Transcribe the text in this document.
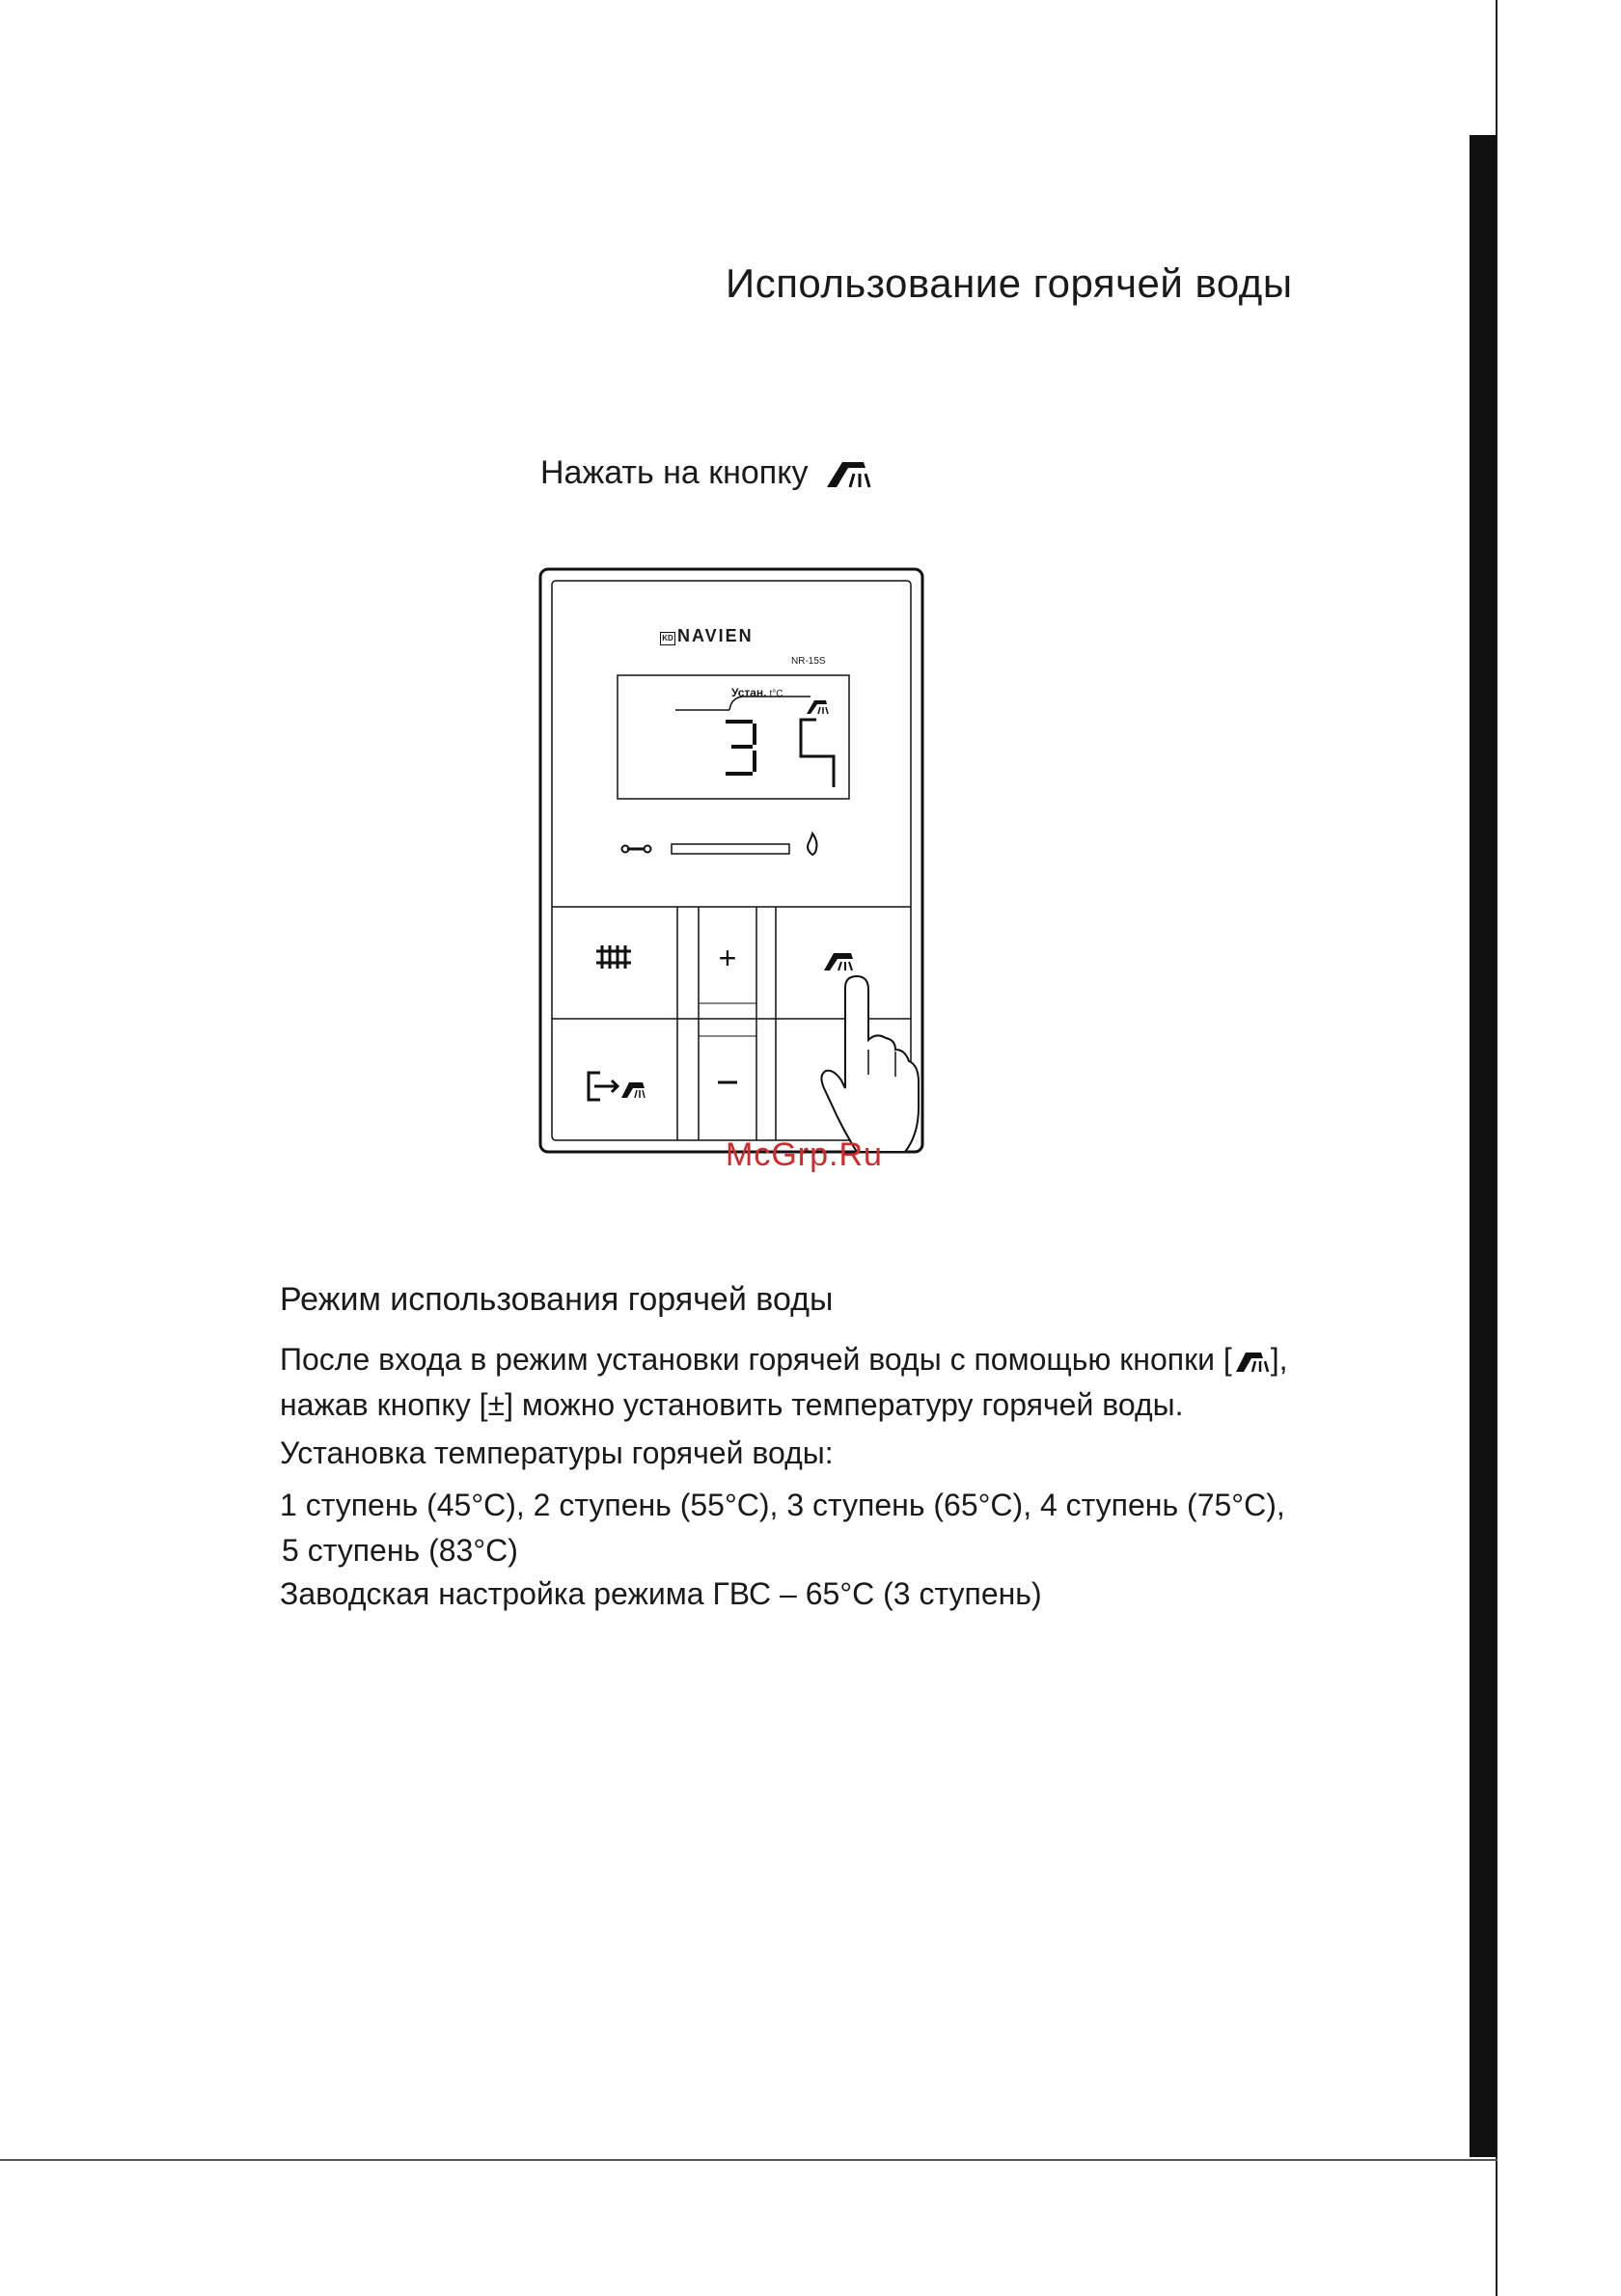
Использование горячей воды
Нажать на кнопку
+
KD NAVIEN
NR-15S
Устан. t°C
McGrp.Ru
Режим использования горячей воды
После входа в режим установки горячей воды с помощью кнопки [ ],
нажав кнопку [±] можно установить температуру горячей воды.
Установка температуры горячей воды:
1 ступень (45°C), 2 ступень (55°C), 3 ступень (65°C), 4 ступень (75°C),
5 ступень (83°C)
Заводская настройка режима ГВС – 65°C (3 ступень)
